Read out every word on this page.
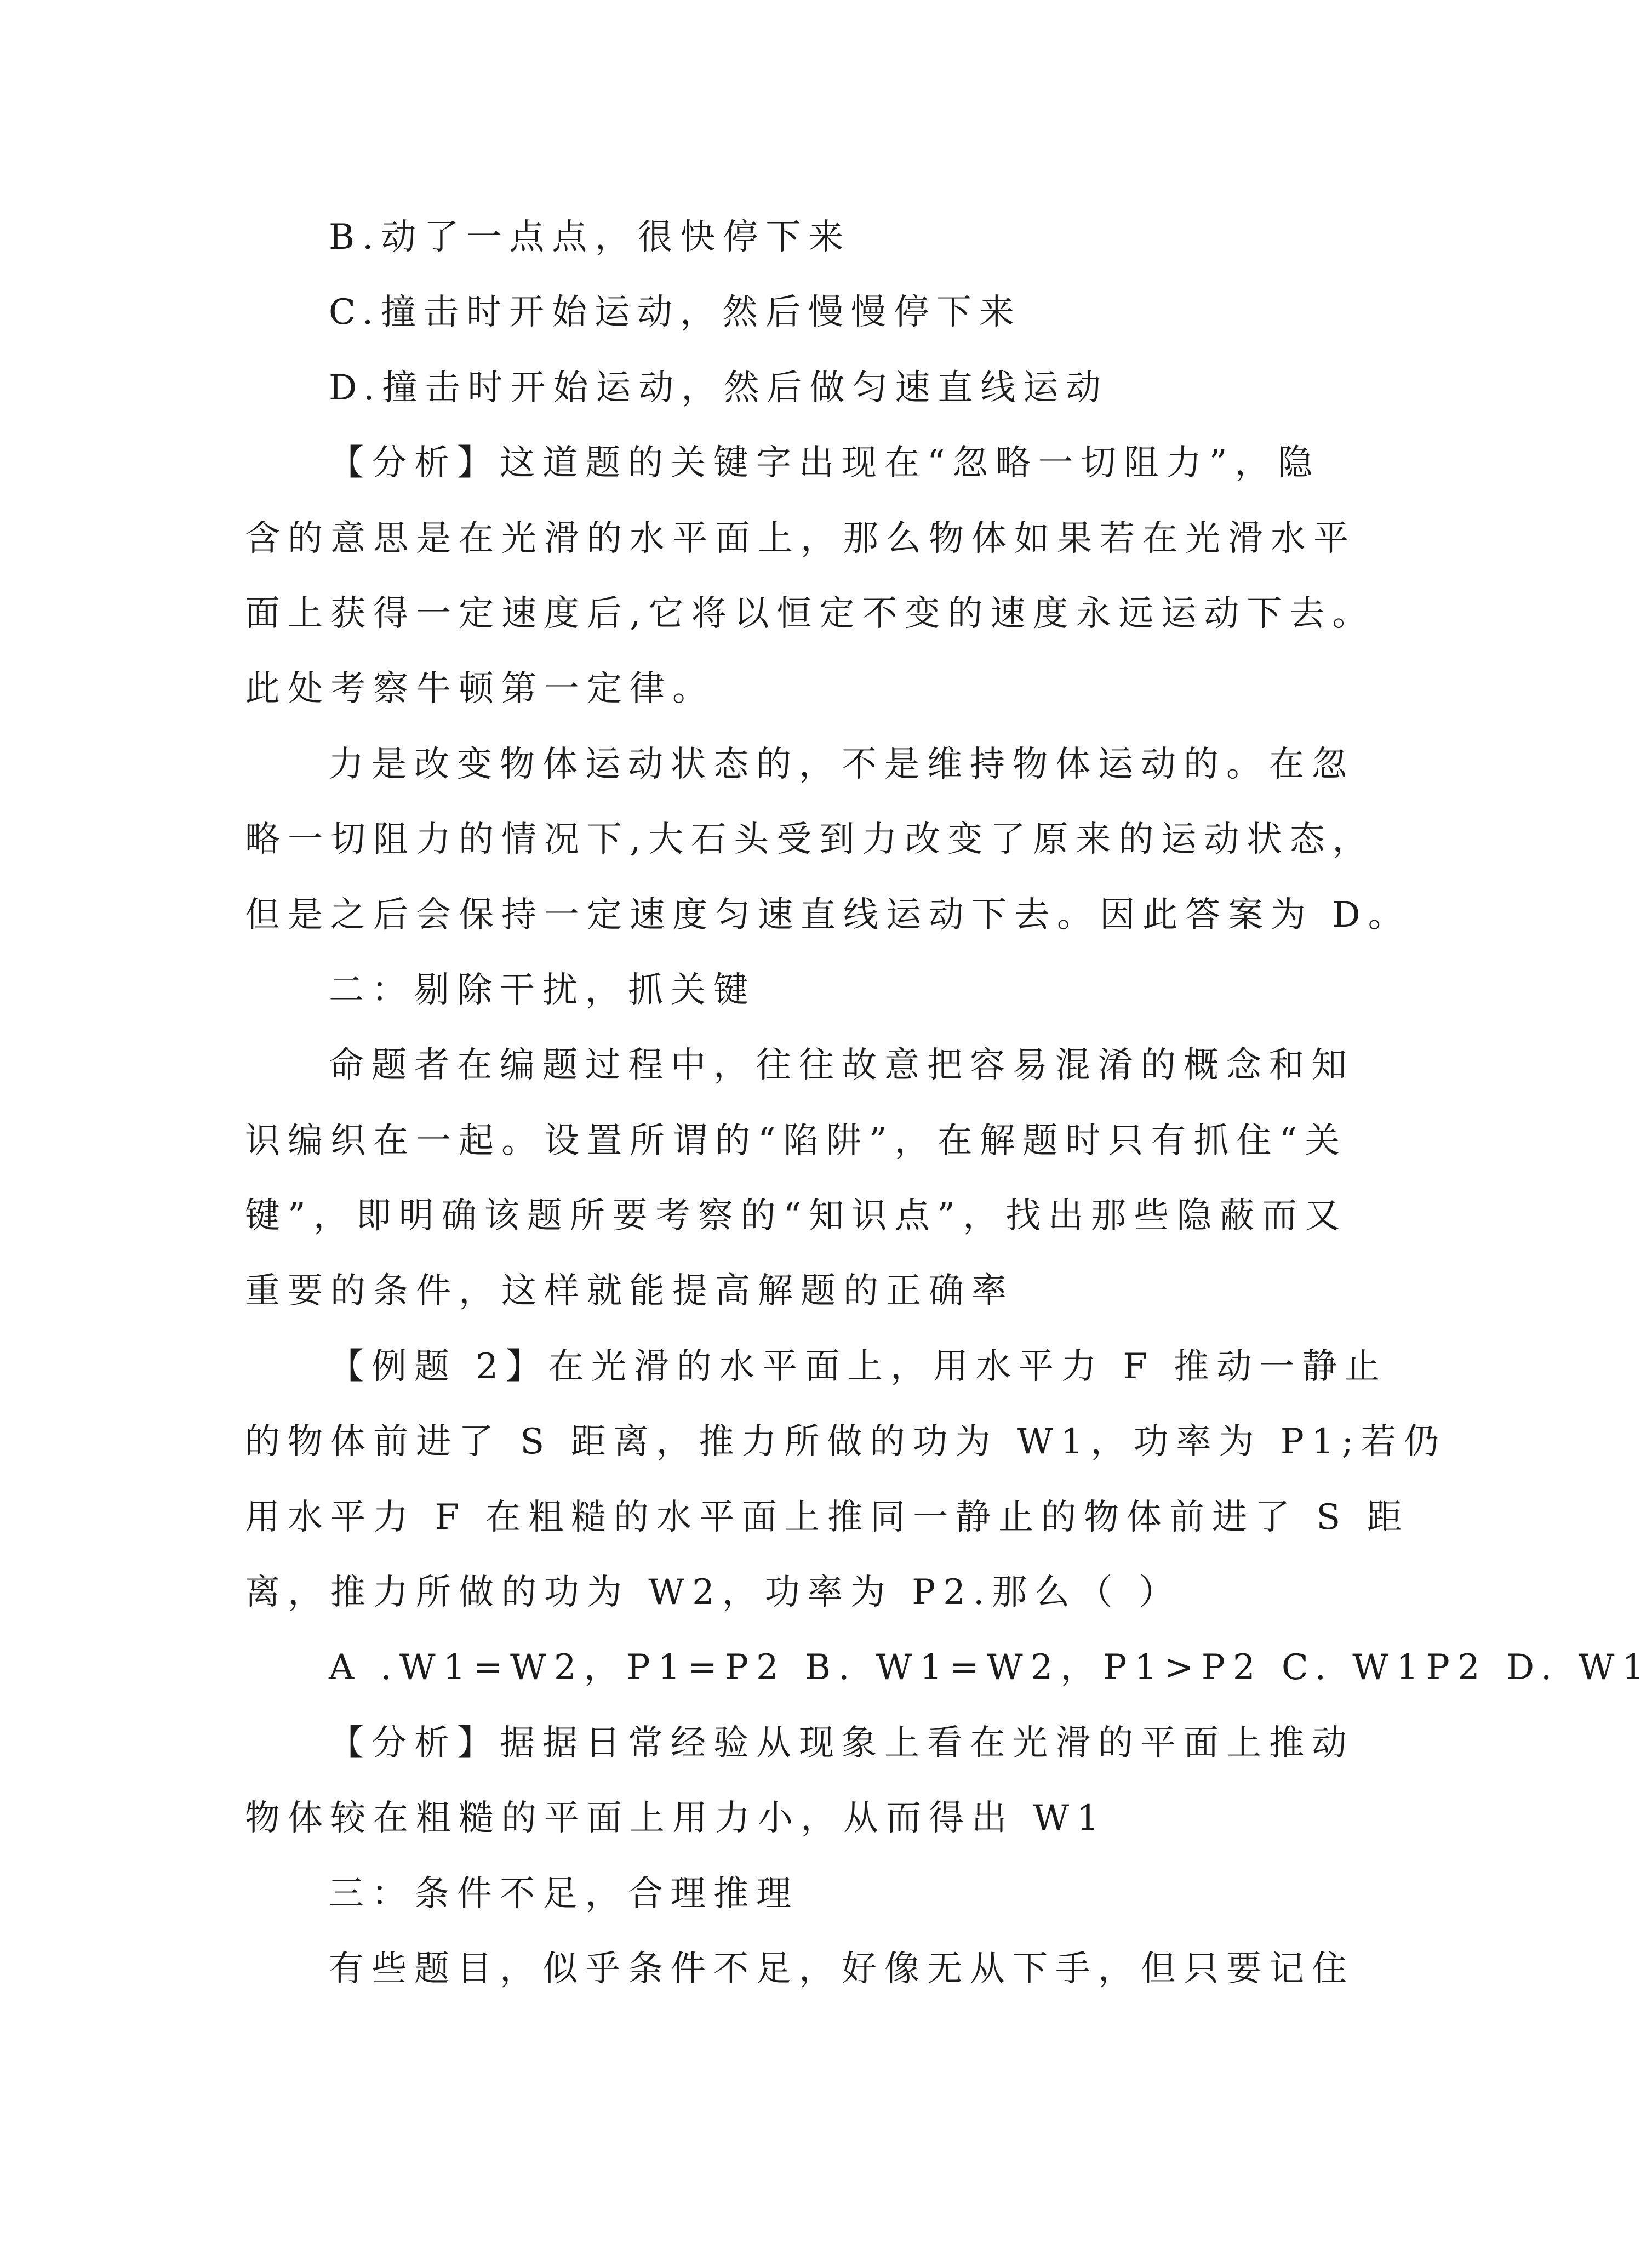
B.动了一点点，很快停下来
C.撞击时开始运动，然后慢慢停下来
D.撞击时开始运动，然后做匀速直线运动
【分析】这道题的关键字出现在“忽略一切阻力”，隐
含的意思是在光滑的水平面上，那么物体如果若在光滑水平
面上获得一定速度后,它将以恒定不变的速度永远运动下去。
此处考察牛顿第一定律。
力是改变物体运动状态的，不是维持物体运动的。在忽
略一切阻力的情况下,大石头受到力改变了原来的运动状态，
但是之后会保持一定速度匀速直线运动下去。因此答案为 D。
二：剔除干扰，抓关键
命题者在编题过程中，往往故意把容易混淆的概念和知
识编织在一起。设置所谓的“陷阱”，在解题时只有抓住“关
键”，即明确该题所要考察的“知识点”，找出那些隐蔽而又
重要的条件，这样就能提高解题的正确率
【例题 2】在光滑的水平面上，用水平力 F 推动一静止
的物体前进了 S 距离，推力所做的功为 W1，功率为 P1;若仍
用水平力 F 在粗糙的水平面上推同一静止的物体前进了 S 距
离，推力所做的功为 W2，功率为 P2.那么（ ）
A .W1=W2，P1=P2 B. W1=W2，P1>P2 C. W1P2 D. W1
【分析】据据日常经验从现象上看在光滑的平面上推动
物体较在粗糙的平面上用力小，从而得出 W1
三：条件不足，合理推理
有些题目，似乎条件不足，好像无从下手，但只要记住
